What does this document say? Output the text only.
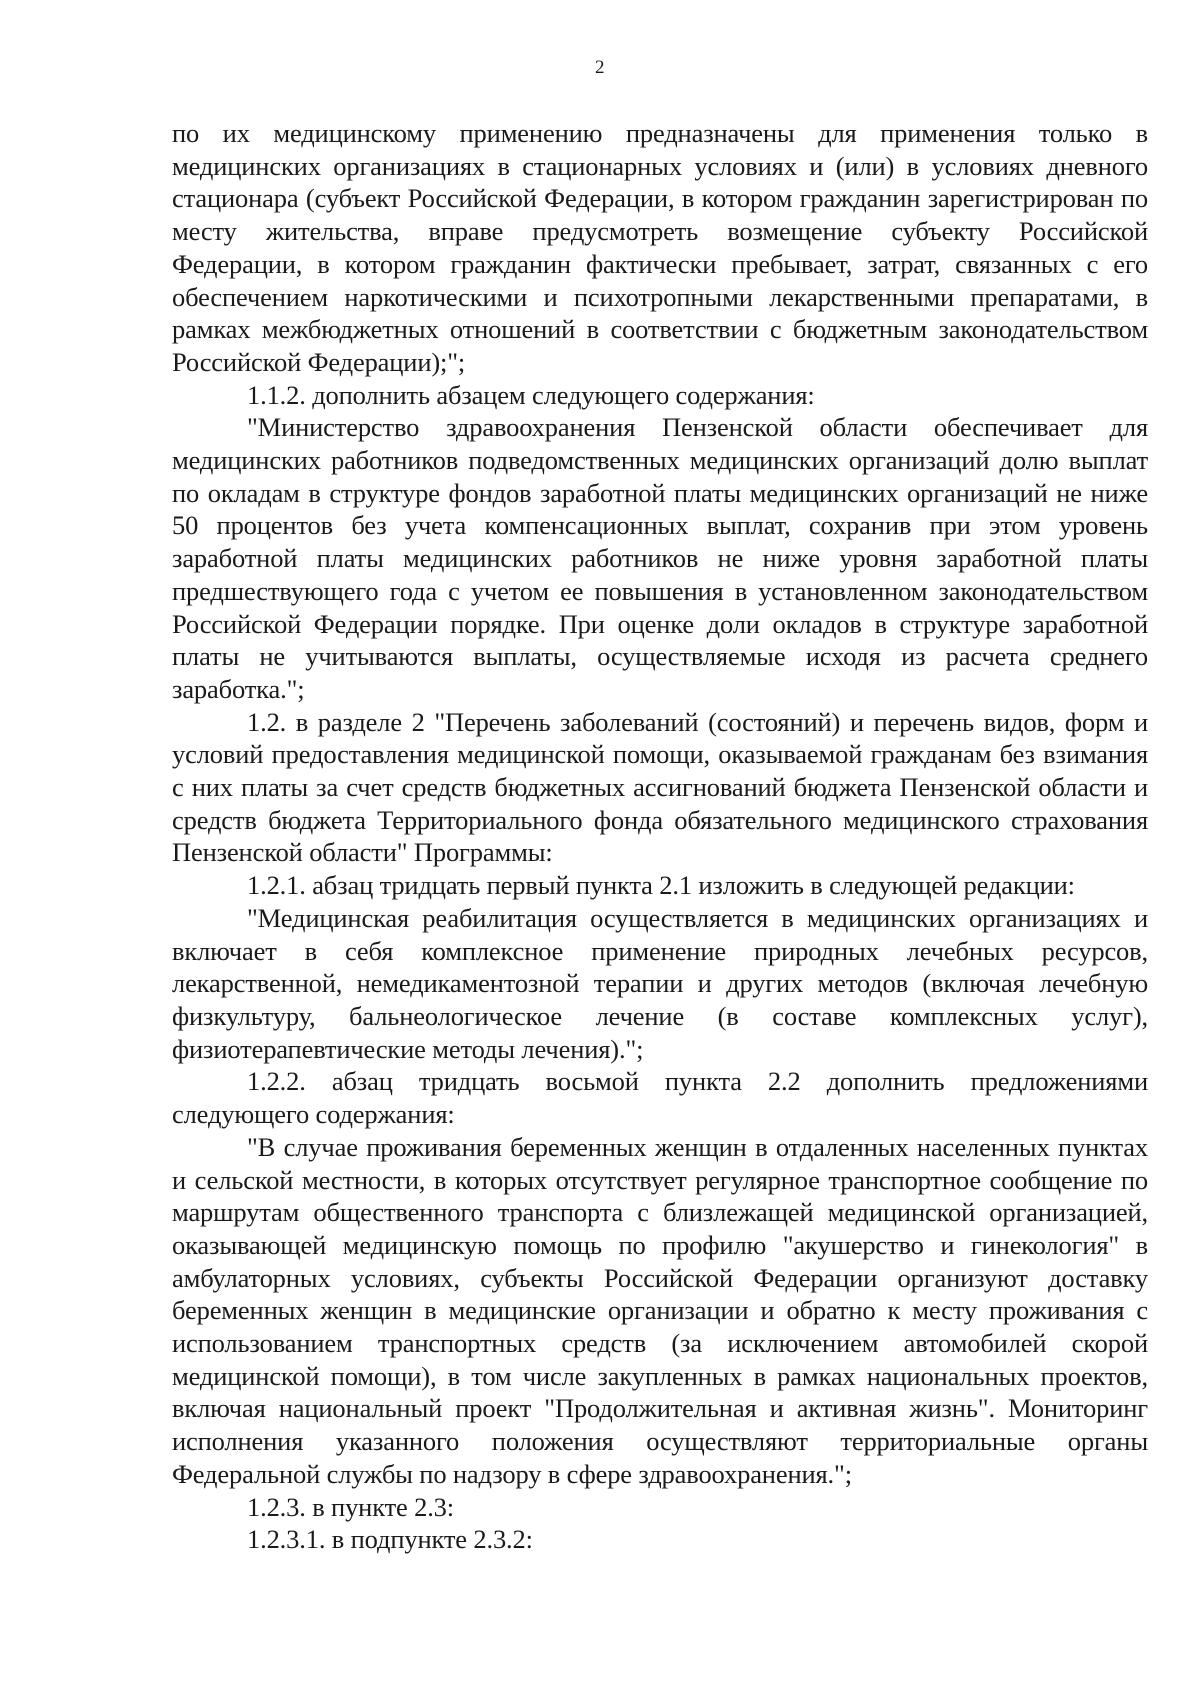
2

по их медицинскому применению предназначены для применения только в медицинских организациях в стационарных условиях и (или) в условиях дневного стационара (субъект Российской Федерации, в котором гражданин зарегистрирован по месту жительства, вправе предусмотреть возмещение субъекту Российской Федерации, в котором гражданин фактически пребывает, затрат, связанных с его обеспечением наркотическими и психотропными лекарственными препаратами, в рамках межбюджетных отношений в соответствии с бюджетным законодательством Российской Федерации);";

1.1.2. дополнить абзацем следующего содержания:

"Министерство здравоохранения Пензенской области обеспечивает для медицинских работников подведомственных медицинских организаций долю выплат по окладам в структуре фондов заработной платы медицинских организаций не ниже 50 процентов без учета компенсационных выплат, сохранив при этом уровень заработной платы медицинских работников не ниже уровня заработной платы предшествующего года с учетом ее повышения в установленном законодательством Российской Федерации порядке. При оценке доли окладов в структуре заработной платы не учитываются выплаты, осуществляемые исходя из расчета среднего заработка.";

1.2. в разделе 2 "Перечень заболеваний (состояний) и перечень видов, форм и условий предоставления медицинской помощи, оказываемой гражданам без взимания с них платы за счет средств бюджетных ассигнований бюджета Пензенской области и средств бюджета Территориального фонда обязательного медицинского страхования Пензенской области" Программы:

1.2.1. абзац тридцать первый пункта 2.1 изложить в следующей редакции:

"Медицинская реабилитация осуществляется в медицинских организациях и включает в себя комплексное применение природных лечебных ресурсов, лекарственной, немедикаментозной терапии и других методов (включая лечебную физкультуру, бальнеологическое лечение (в составе комплексных услуг), физиотерапевтические методы лечения).";

1.2.2. абзац тридцать восьмой пункта 2.2 дополнить предложениями следующего содержания:

"В случае проживания беременных женщин в отдаленных населенных пунктах и сельской местности, в которых отсутствует регулярное транспортное сообщение по маршрутам общественного транспорта с близлежащей медицинской организацией, оказывающей медицинскую помощь по профилю "акушерство и гинекология" в амбулаторных условиях, субъекты Российской Федерации организуют доставку беременных женщин в медицинские организации и обратно к месту проживания с использованием транспортных средств (за исключением автомобилей скорой медицинской помощи), в том числе закупленных в рамках национальных проектов, включая национальный проект "Продолжительная и активная жизнь". Мониторинг исполнения указанного положения осуществляют территориальные органы Федеральной службы по надзору в сфере здравоохранения.";

1.2.3. в пункте 2.3:

1.2.3.1. в подпункте 2.3.2:
